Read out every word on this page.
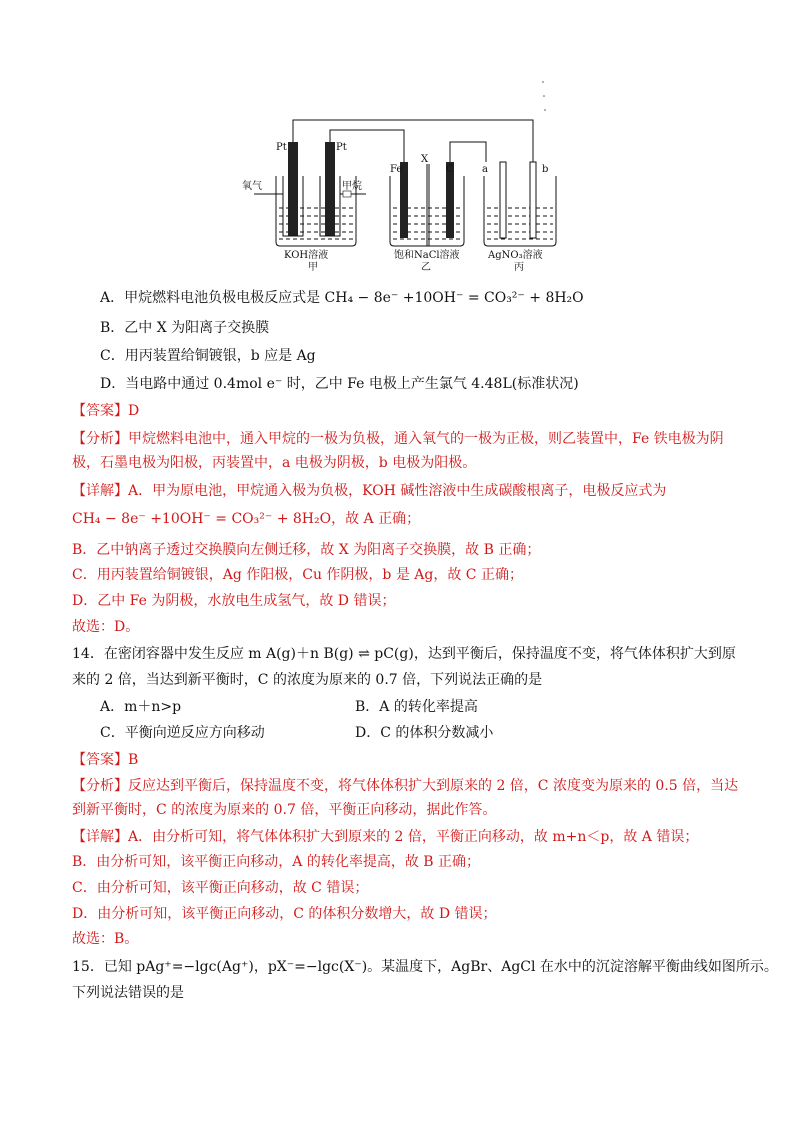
Pt	Pt
氧气	甲烷
KOH溶液
甲
Fe
X
C
饱和NaCl溶液
乙
a	b
AgNO₃溶液
丙
A．甲烷燃料电池负极电极反应式是 CH₄ − 8e⁻ +10OH⁻ = CO₃²⁻ + 8H₂O
B．乙中 X 为阳离子交换膜
C．用丙装置给铜镀银，b 应是 Ag
D．当电路中通过 0.4mol e⁻ 时，乙中 Fe 电极上产生氯气 4.48L(标准状况)
【答案】D
【分析】甲烷燃料电池中，通入甲烷的一极为负极，通入氧气的一极为正极，则乙装置中，Fe 铁电极为阴
极，石墨电极为阳极，丙装置中，a 电极为阴极，b 电极为阳极。
【详解】A．甲为原电池，甲烷通入极为负极，KOH 碱性溶液中生成碳酸根离子，电极反应式为
CH₄ − 8e⁻ +10OH⁻ = CO₃²⁻ + 8H₂O，故 A 正确；
B．乙中钠离子透过交换膜向左侧迁移，故 X 为阳离子交换膜，故 B 正确；
C．用丙装置给铜镀银，Ag 作阳极，Cu 作阴极，b 是 Ag，故 C 正确；
D．乙中 Fe 为阴极，水放电生成氢气，故 D 错误；
故选：D。
14．在密闭容器中发生反应 m A(g)＋n B(g) ⇌ pC(g)，达到平衡后，保持温度不变，将气体体积扩大到原
来的 2 倍，当达到新平衡时，C 的浓度为原来的 0.7 倍，下列说法正确的是
A．m＋n>p	B．A 的转化率提高
C．平衡向逆反应方向移动	D．C 的体积分数减小
【答案】B
【分析】反应达到平衡后，保持温度不变，将气体体积扩大到原来的 2 倍，C 浓度变为原来的 0.5 倍，当达
到新平衡时，C 的浓度为原来的 0.7 倍，平衡正向移动，据此作答。
【详解】A．由分析可知，将气体体积扩大到原来的 2 倍，平衡正向移动，故 m+n＜p，故 A 错误；
B．由分析可知，该平衡正向移动，A 的转化率提高，故 B 正确；
C．由分析可知，该平衡正向移动，故 C 错误；
D．由分析可知，该平衡正向移动，C 的体积分数增大，故 D 错误；
故选：B。
15．已知 pAg⁺=−lgc(Ag⁺)，pX⁻=−lgc(X⁻)。某温度下，AgBr、AgCl 在水中的沉淀溶解平衡曲线如图所示。
下列说法错误的是
